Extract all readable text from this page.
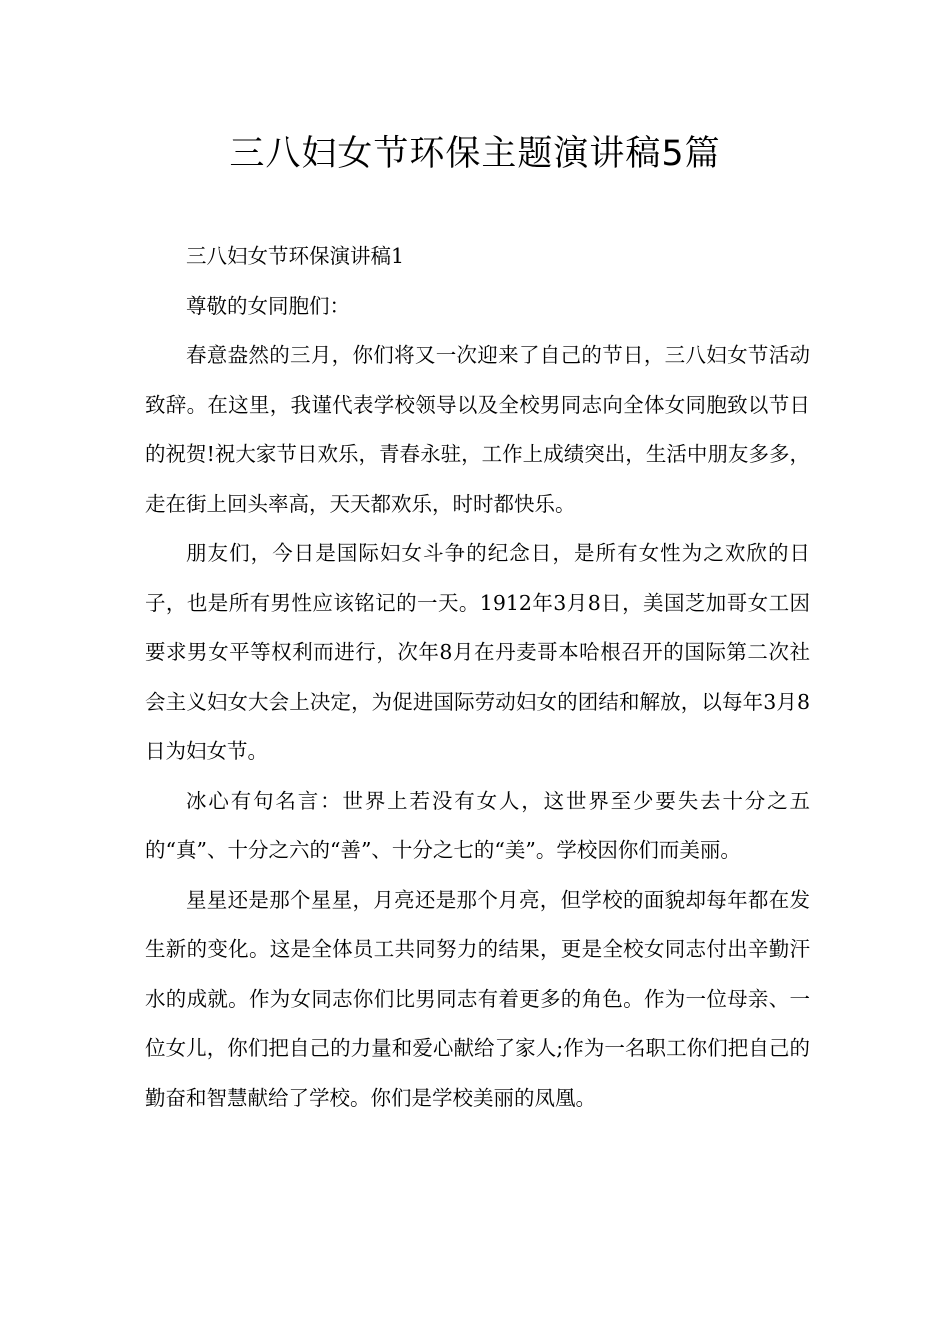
三八妇女节环保主题演讲稿5篇

三八妇女节环保演讲稿1

尊敬的女同胞们：

春意盎然的三月，你们将又一次迎来了自己的节日，三八妇女节活动致辞。在这里，我谨代表学校领导以及全校男同志向全体女同胞致以节日的祝贺!祝大家节日欢乐，青春永驻，工作上成绩突出，生活中朋友多多，走在街上回头率高，天天都欢乐，时时都快乐。

朋友们，今日是国际妇女斗争的纪念日，是所有女性为之欢欣的日子，也是所有男性应该铭记的一天。1912年3月8日，美国芝加哥女工因要求男女平等权利而进行，次年8月在丹麦哥本哈根召开的国际第二次社会主义妇女大会上决定，为促进国际劳动妇女的团结和解放，以每年3月8日为妇女节。

冰心有句名言：世界上若没有女人，这世界至少要失去十分之五的“真”、十分之六的“善”、十分之七的“美”。学校因你们而美丽。

星星还是那个星星，月亮还是那个月亮，但学校的面貌却每年都在发生新的变化。这是全体员工共同努力的结果，更是全校女同志付出辛勤汗水的成就。作为女同志你们比男同志有着更多的角色。作为一位母亲、一位女儿，你们把自己的力量和爱心献给了家人;作为一名职工你们把自己的勤奋和智慧献给了学校。你们是学校美丽的凤凰。
